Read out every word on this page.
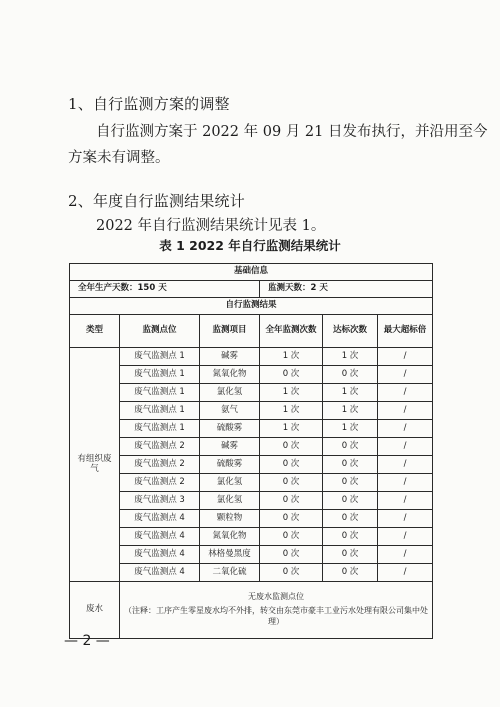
1、自行监测方案的调整
自行监测方案于 2022 年 09 月 21 日发布执行，并沿用至今
方案未有调整。
2、年度自行监测结果统计
2022 年自行监测结果统计见表 1。
表 1 2022 年自行监测结果统计
基础信息					
全年生产天数：150 天			监测天数：2 天		
自行监测结果					
类型	监测点位	监测项目	全年监测次数	达标次数	最大超标倍
有组织废气	废气监测点 1	碱雾	1 次	1 次	/
	废气监测点 1	氮氧化物	0 次	0 次	/
	废气监测点 1	氯化氢	1 次	1 次	/
	废气监测点 1	氨气	1 次	1 次	/
	废气监测点 1	硫酸雾	1 次	1 次	/
	废气监测点 2	碱雾	0 次	0 次	/
	废气监测点 2	硫酸雾	0 次	0 次	/
	废气监测点 2	氯化氢	0 次	0 次	/
	废气监测点 3	氯化氢	0 次	0 次	/
	废气监测点 4	颗粒物	0 次	0 次	/
	废气监测点 4	氮氧化物	0 次	0 次	/
	废气监测点 4	林格曼黑度	0 次	0 次	/
	废气监测点 4	二氧化硫	0 次	0 次	/
废水	无废水监测点位
（注释：工序产生零星废水均不外排，转交由东莞市豪丰工业污水处理有限公司集中处理）				
— 2 —
